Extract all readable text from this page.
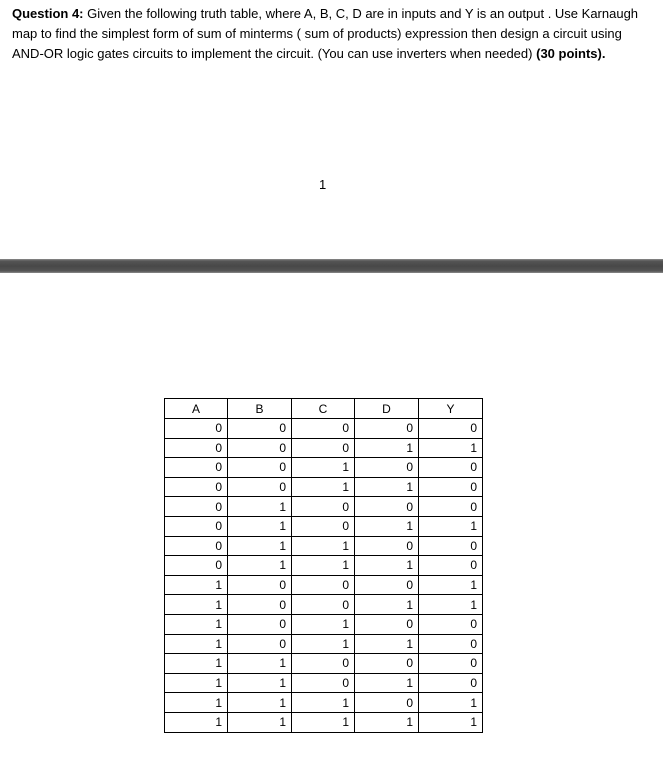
Question 4: Given the following truth table, where A, B, C, D are in inputs and Y is an output . Use Karnaugh map to find the simplest form of sum of minterms ( sum of products) expression then design a circuit using AND-OR logic gates circuits to implement the circuit. (You can use inverters when needed) (30 points).
1
A	B	C	D	Y
0	0	0	0	0
0	0	0	1	1
0	0	1	0	0
0	0	1	1	0
0	1	0	0	0
0	1	0	1	1
0	1	1	0	0
0	1	1	1	0
1	0	0	0	1
1	0	0	1	1
1	0	1	0	0
1	0	1	1	0
1	1	0	0	0
1	1	0	1	0
1	1	1	0	1
1	1	1	1	1
